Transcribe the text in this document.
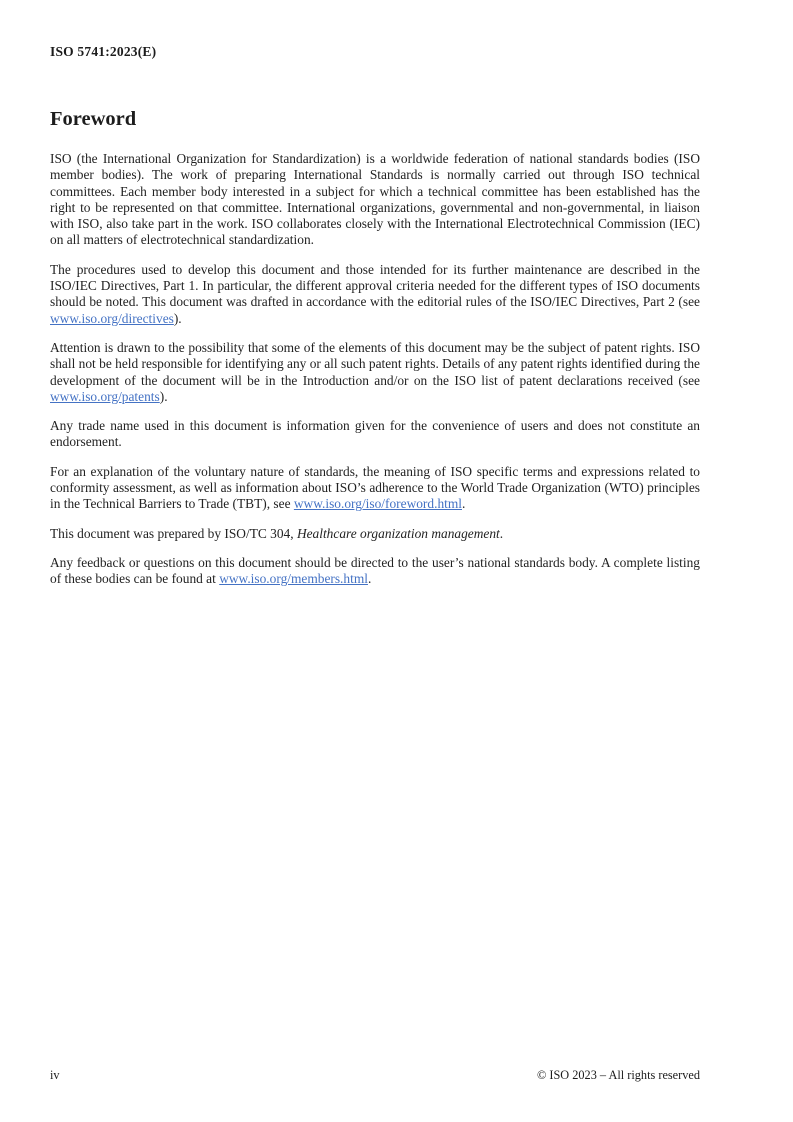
ISO 5741:2023(E)
Foreword

ISO (the International Organization for Standardization) is a worldwide federation of national standards bodies (ISO member bodies). The work of preparing International Standards is normally carried out through ISO technical committees. Each member body interested in a subject for which a technical committee has been established has the right to be represented on that committee. International organizations, governmental and non-governmental, in liaison with ISO, also take part in the work. ISO collaborates closely with the International Electrotechnical Commission (IEC) on all matters of electrotechnical standardization.

The procedures used to develop this document and those intended for its further maintenance are described in the ISO/IEC Directives, Part 1. In particular, the different approval criteria needed for the different types of ISO documents should be noted. This document was drafted in accordance with the editorial rules of the ISO/IEC Directives, Part 2 (see www.iso.org/directives).

Attention is drawn to the possibility that some of the elements of this document may be the subject of patent rights. ISO shall not be held responsible for identifying any or all such patent rights. Details of any patent rights identified during the development of the document will be in the Introduction and/or on the ISO list of patent declarations received (see www.iso.org/patents).

Any trade name used in this document is information given for the convenience of users and does not constitute an endorsement.

For an explanation of the voluntary nature of standards, the meaning of ISO specific terms and expressions related to conformity assessment, as well as information about ISO’s adherence to the World Trade Organization (WTO) principles in the Technical Barriers to Trade (TBT), see www.iso.org/iso/foreword.html.

This document was prepared by ISO/TC 304, Healthcare organization management.

Any feedback or questions on this document should be directed to the user’s national standards body. A complete listing of these bodies can be found at www.iso.org/members.html.

iv	© ISO 2023 – All rights reserved
